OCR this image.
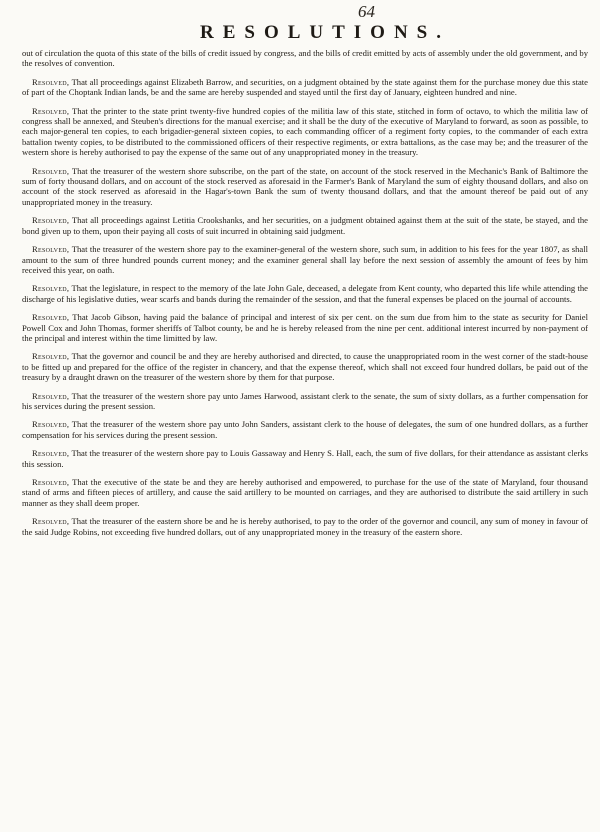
64
RESOLUTIONS.

out of circulation the quota of this state of the bills of credit issued by congress, and the bills of credit emitted by acts of assembly under the old government, and by the resolves of convention.

Resolved, That all proceedings against Elizabeth Barrow, and securities, on a judgment obtained by the state against them for the purchase money due this state of part of the Choptank Indian lands, be and the same are hereby suspended and stayed until the first day of January, eighteen hundred and nine.

Resolved, That the printer to the state print twenty-five hundred copies of the militia law of this state, stitched in form of octavo, to which the militia law of congress shall be annexed, and Steuben's directions for the manual exercise; and it shall be the duty of the executive of Maryland to forward, as soon as possible, to each major-general ten copies, to each brigadier-general sixteen copies, to each commanding officer of a regiment forty copies, to the commander of each extra battalion twenty copies, to be distributed to the commissioned officers of their respective regiments, or extra battalions, as the case may be; and the treasurer of the western shore is hereby authorised to pay the expense of the same out of any unappropriated money in the treasury.

Resolved, That the treasurer of the western shore subscribe, on the part of the state, on account of the stock reserved in the Mechanic's Bank of Baltimore the sum of forty thousand dollars, and on account of the stock reserved as aforesaid in the Farmer's Bank of Maryland the sum of eighty thousand dollars, and also on account of the stock reserved as aforesaid in the Hagar's-town Bank the sum of twenty thousand dollars, and that the amount thereof be paid out of any unappropriated money in the treasury.

Resolved, That all proceedings against Letitia Crookshanks, and her securities, on a judgment obtained against them at the suit of the state, be stayed, and the bond given up to them, upon their paying all costs of suit incurred in obtaining said judgment.

Resolved, That the treasurer of the western shore pay to the examiner-general of the western shore, such sum, in addition to his fees for the year 1807, as shall amount to the sum of three hundred pounds current money; and the examiner general shall lay before the next session of assembly the amount of fees by him received this year, on oath.

Resolved, That the legislature, in respect to the memory of the late John Gale, deceased, a delegate from Kent county, who departed this life while attending the discharge of his legislative duties, wear scarfs and bands during the remainder of the session, and that the funeral expenses be placed on the journal of accounts.

Resolved, That Jacob Gibson, having paid the balance of principal and interest of six per cent. on the sum due from him to the state as security for Daniel Powell Cox and John Thomas, former sheriffs of Talbot county, be and he is hereby released from the nine per cent. additional interest incurred by non-payment of the principal and interest within the time limitted by law.

Resolved, That the governor and council be and they are hereby authorised and directed, to cause the unappropriated room in the west corner of the stadt-house to be fitted up and prepared for the office of the register in chancery, and that the expense thereof, which shall not exceed four hundred dollars, be paid out of the treasury by a draught drawn on the treasurer of the western shore by them for that purpose.

Resolved, That the treasurer of the western shore pay unto James Harwood, assistant clerk to the senate, the sum of sixty dollars, as a further compensation for his services during the present session.

Resolved, That the treasurer of the western shore pay unto John Sanders, assistant clerk to the house of delegates, the sum of one hundred dollars, as a further compensation for his services during the present session.

Resolved, That the treasurer of the western shore pay to Louis Gassaway and Henry S. Hall, each, the sum of five dollars, for their attendance as assistant clerks this session.

Resolved, That the executive of the state be and they are hereby authorised and empowered, to purchase for the use of the state of Maryland, four thousand stand of arms and fifteen pieces of artillery, and cause the said artillery to be mounted on carriages, and they are authorised to distribute the said artillery in such manner as they shall deem proper.

Resolved, That the treasurer of the eastern shore be and he is hereby authorised, to pay to the order of the governor and council, any sum of money in favour of the said Judge Robins, not exceeding five hundred dollars, out of any unappropriated money in the treasury of the eastern shore.
